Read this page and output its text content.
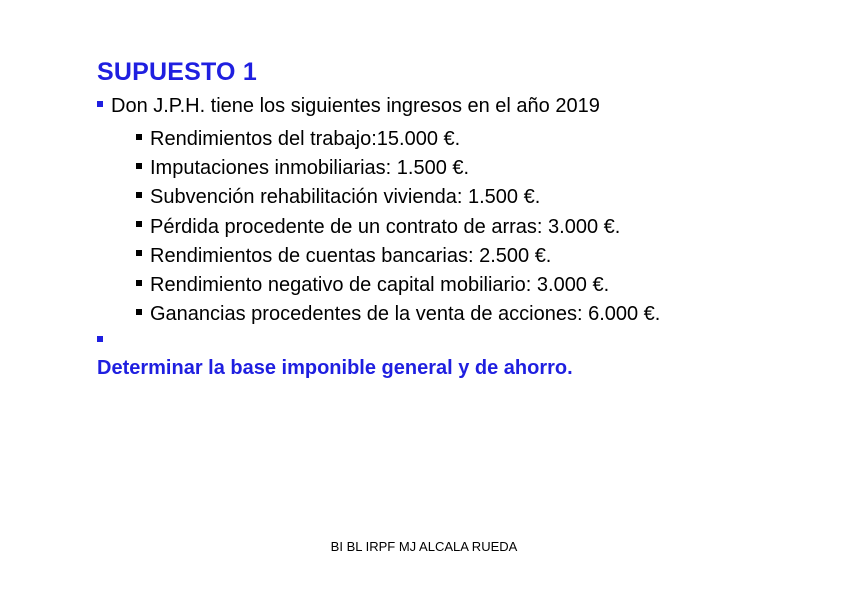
SUPUESTO 1
Don J.P.H. tiene los siguientes ingresos en el año 2019
Rendimientos del trabajo:15.000 €.
Imputaciones inmobiliarias: 1.500 €.
Subvención rehabilitación vivienda: 1.500 €.
Pérdida procedente de un contrato de arras: 3.000 €.
Rendimientos de cuentas bancarias: 2.500 €.
Rendimiento negativo de capital mobiliario: 3.000 €.
Ganancias procedentes de la venta de acciones: 6.000 €.
Determinar la base imponible general y de ahorro.
BI BL IRPF MJ ALCALA RUEDA
